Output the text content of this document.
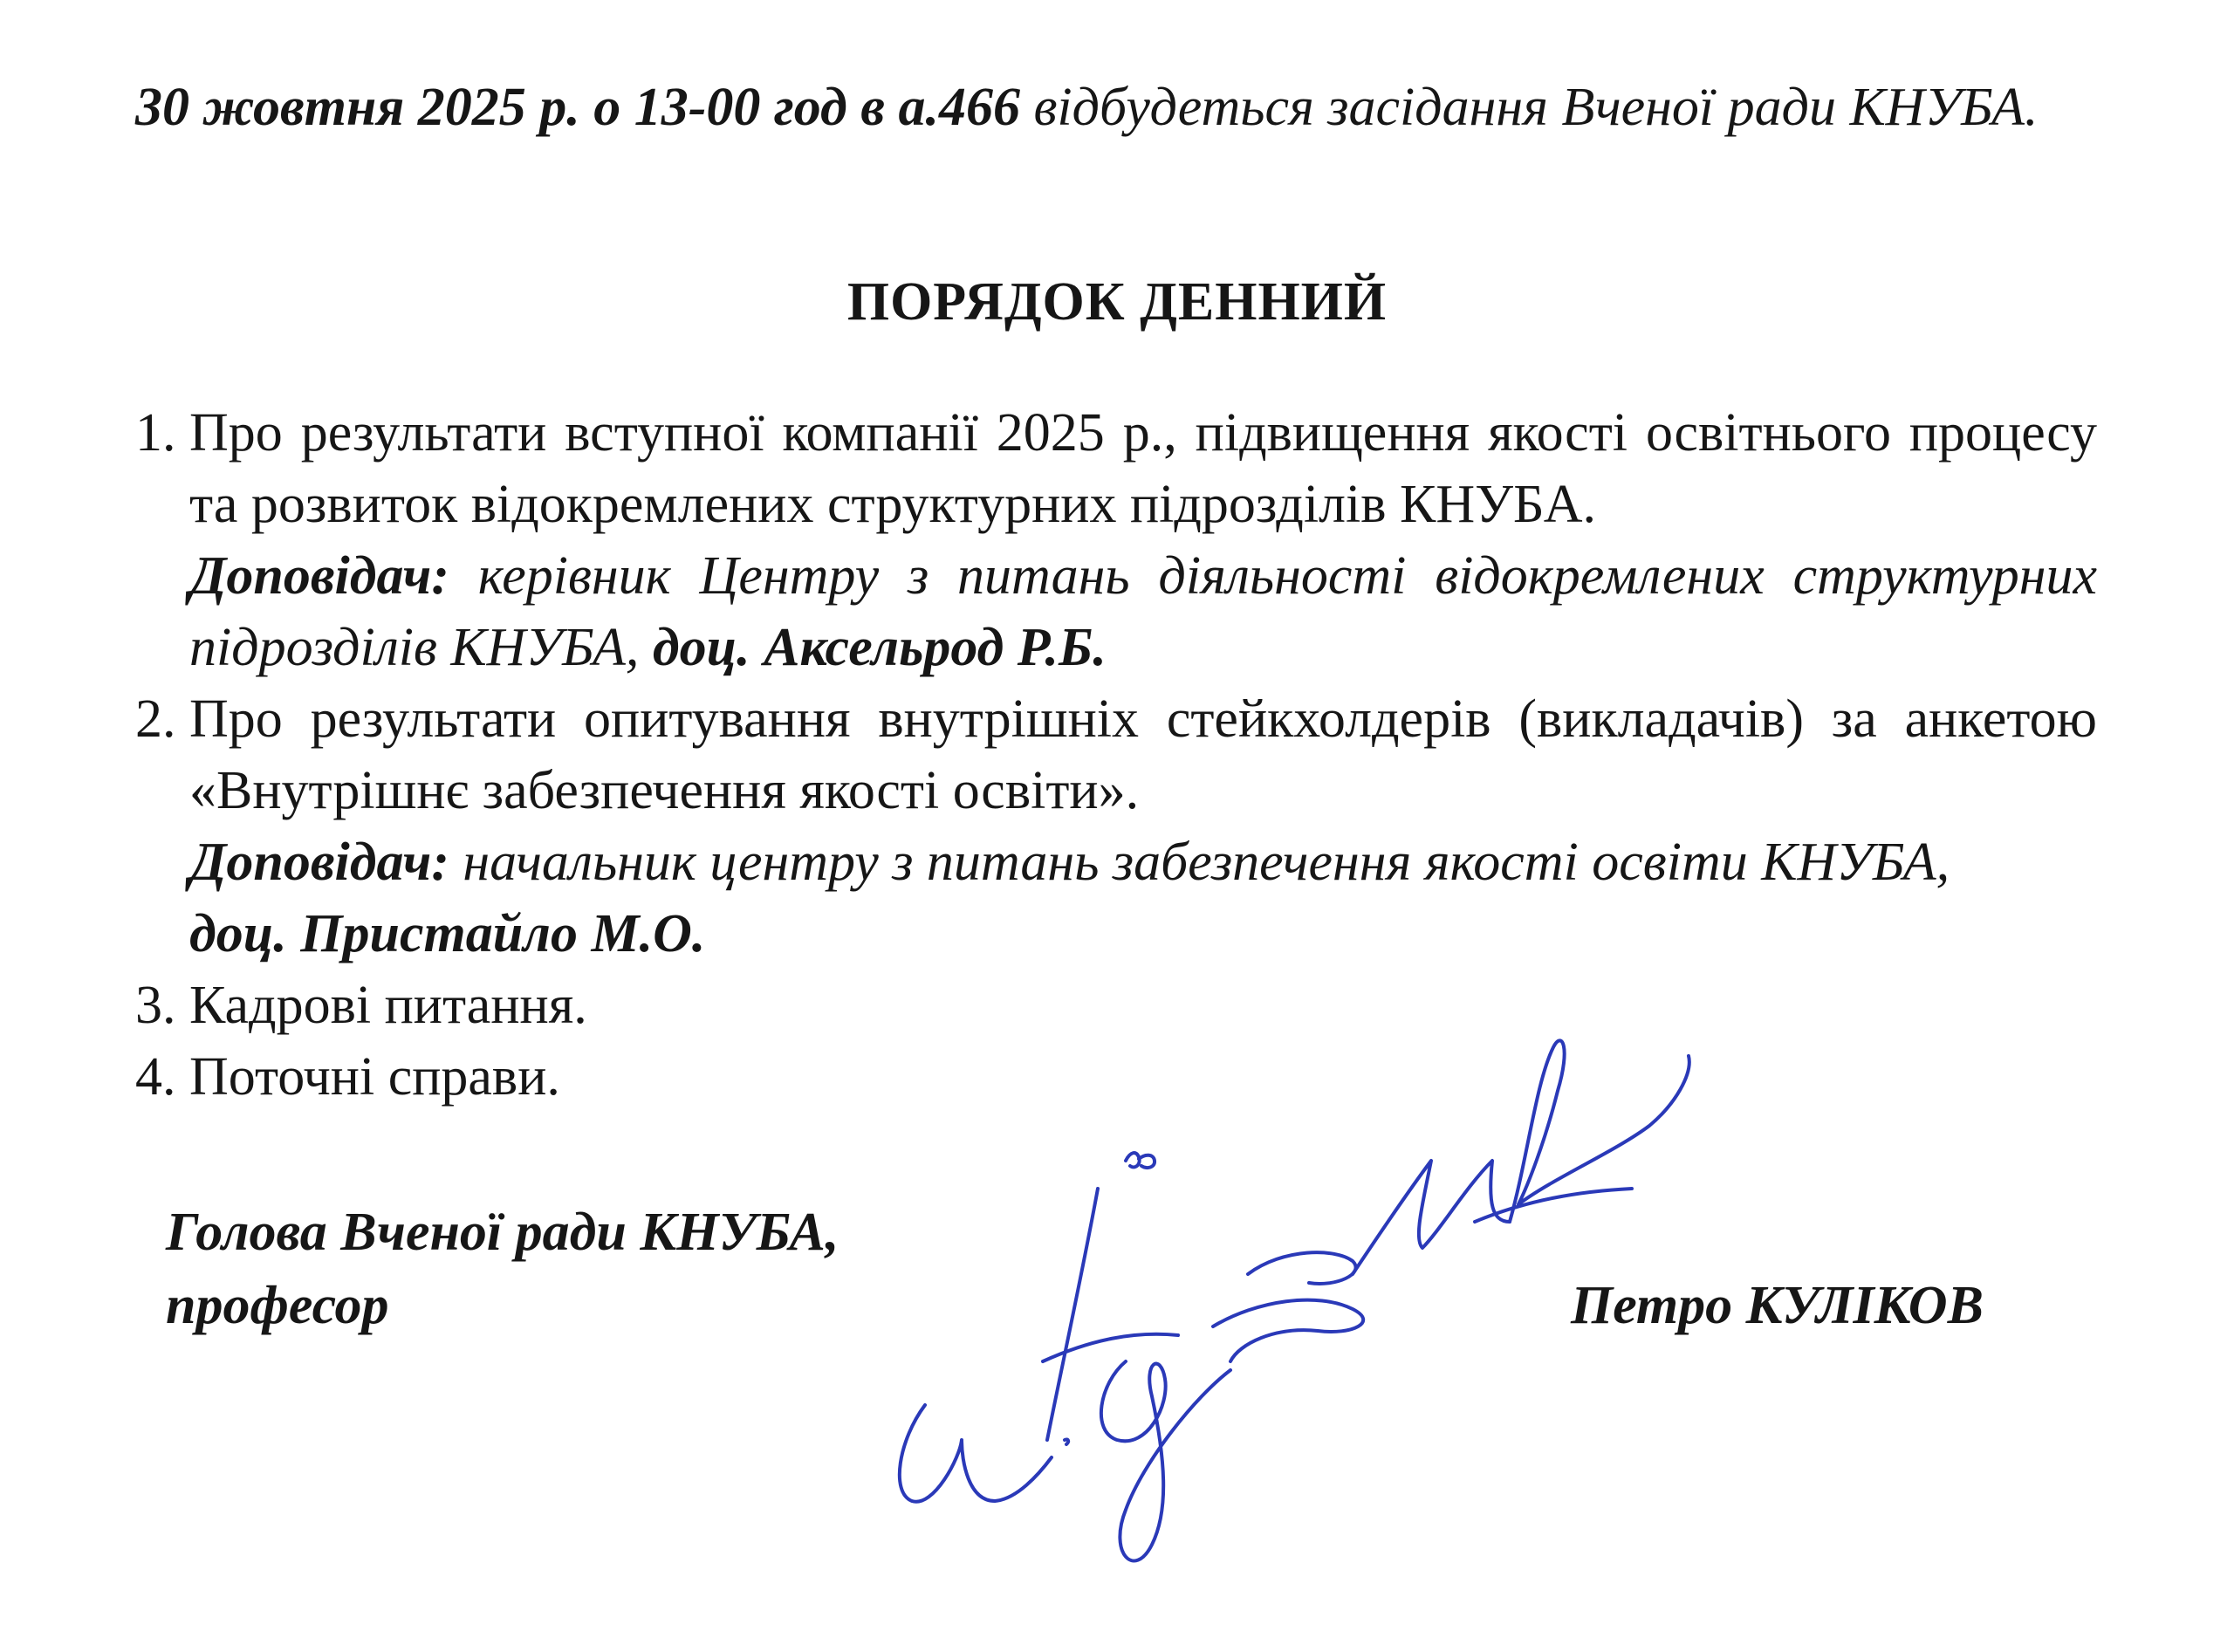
30 жовтня 2025 р. о 13-00 год в а.466 відбудеться засідання Вченої ради КНУБА.

ПОРЯДОК ДЕННИЙ
1. Про результати вступної компанії 2025 р., підвищення якості освітнього процесу та розвиток відокремлених структурних підрозділів КНУБА.
Доповідач: керівник Центру з питань діяльності відокремлених структурних підрозділів КНУБА, доц. Аксельрод Р.Б.
2. Про результати опитування внутрішніх стейкхолдерів (викладачів) за анкетою «Внутрішнє забезпечення якості освіти».
Доповідач: начальник центру з питань забезпечення якості освіти КНУБА,
доц. Пристайло М.О.
3. Кадрові питання.
4. Поточні справи.
Голова Вченої ради КНУБА,
професор	Петро КУЛІКОВ
